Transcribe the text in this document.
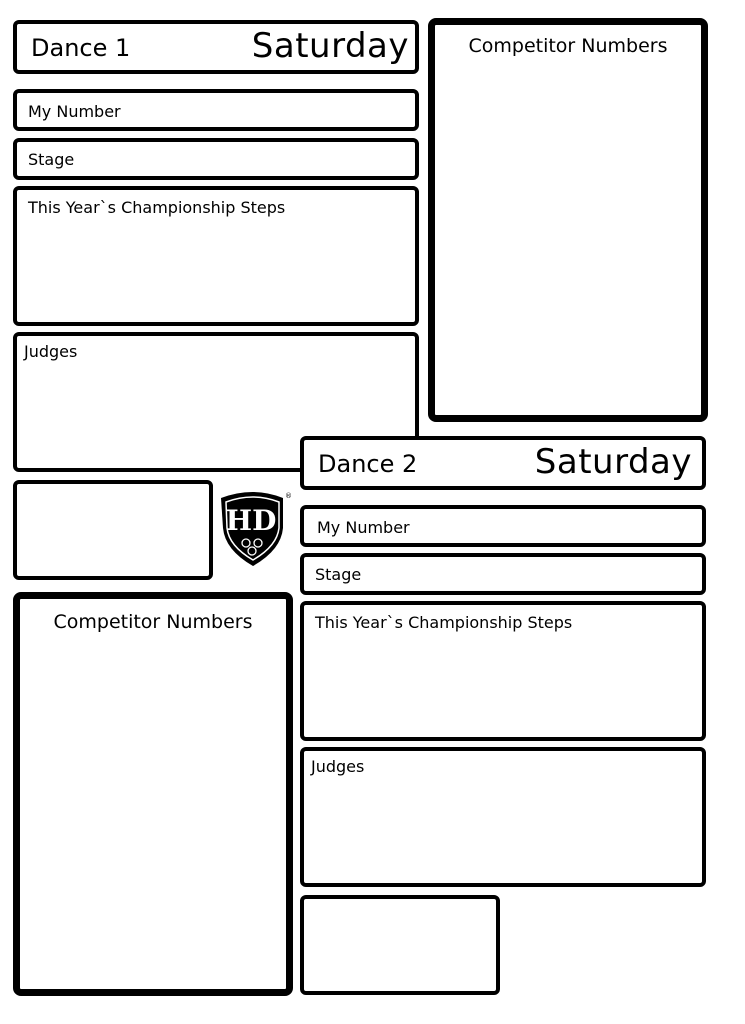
Dance 1	Saturday
My Number
Stage
This Year`s Championship Steps
Judges
Competitor Numbers
HD
®
Competitor Numbers
Dance 2	Saturday
My Number
Stage
This Year`s Championship Steps
Judges
